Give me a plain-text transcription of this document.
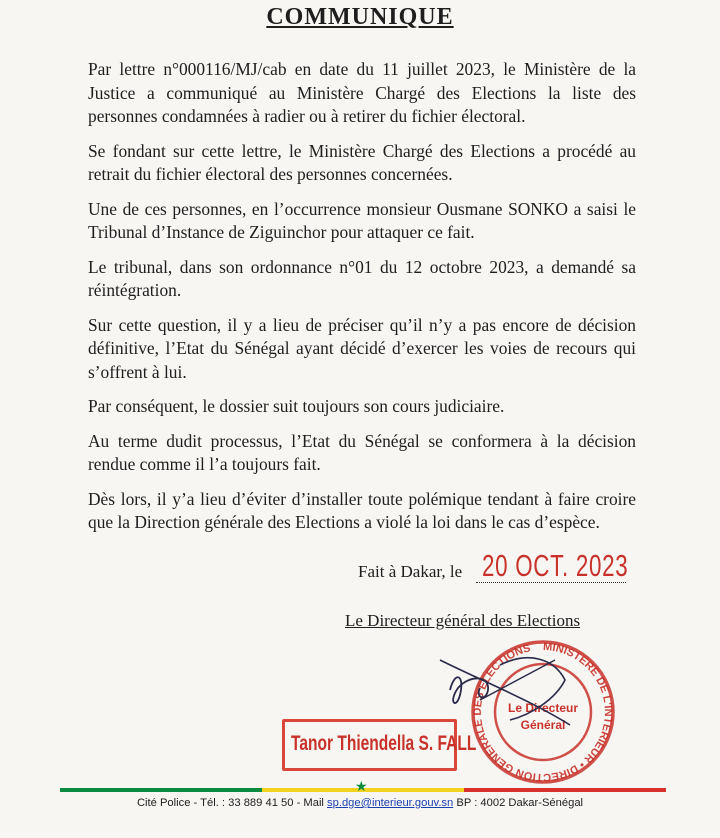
COMMUNIQUE

Par lettre n°000116/MJ/cab en date du 11 juillet 2023, le Ministère de la Justice a communiqué au Ministère Chargé des Elections la liste des personnes condamnées à radier ou à retirer du fichier électoral.

Se fondant sur cette lettre, le Ministère Chargé des Elections a procédé au retrait du fichier électoral des personnes concernées.

Une de ces personnes, en l’occurrence monsieur Ousmane SONKO a saisi le Tribunal d’Instance de Ziguinchor pour attaquer ce fait.

Le tribunal, dans son ordonnance n°01 du 12 octobre 2023, a demandé sa réintégration.

Sur cette question, il y a lieu de préciser qu’il n’y a pas encore de décision définitive, l’Etat du Sénégal ayant décidé d’exercer les voies de recours qui s’offrent à lui.

Par conséquent, le dossier suit toujours son cours judiciaire.

Au terme dudit processus, l’Etat du Sénégal se conformera à la décision rendue comme il l’a toujours fait.

Dès lors, il y’a lieu d’éviter d’installer toute polémique tendant à faire croire que la Direction générale des Elections a violé la loi dans le cas d’espèce.

Fait à Dakar, le 20 OCT. 2023
Le Directeur général des Elections
MINISTERE DE L'INTERIEUR • DIRECTION GENERALE DES ELECTIONS
Le Directeur
Général
Tanor Thiendella S. FALL
★
Cité Police - Tél. : 33 889 41 50 - Mail sp.dge@interieur.gouv.sn BP : 4002 Dakar-Sénégal
